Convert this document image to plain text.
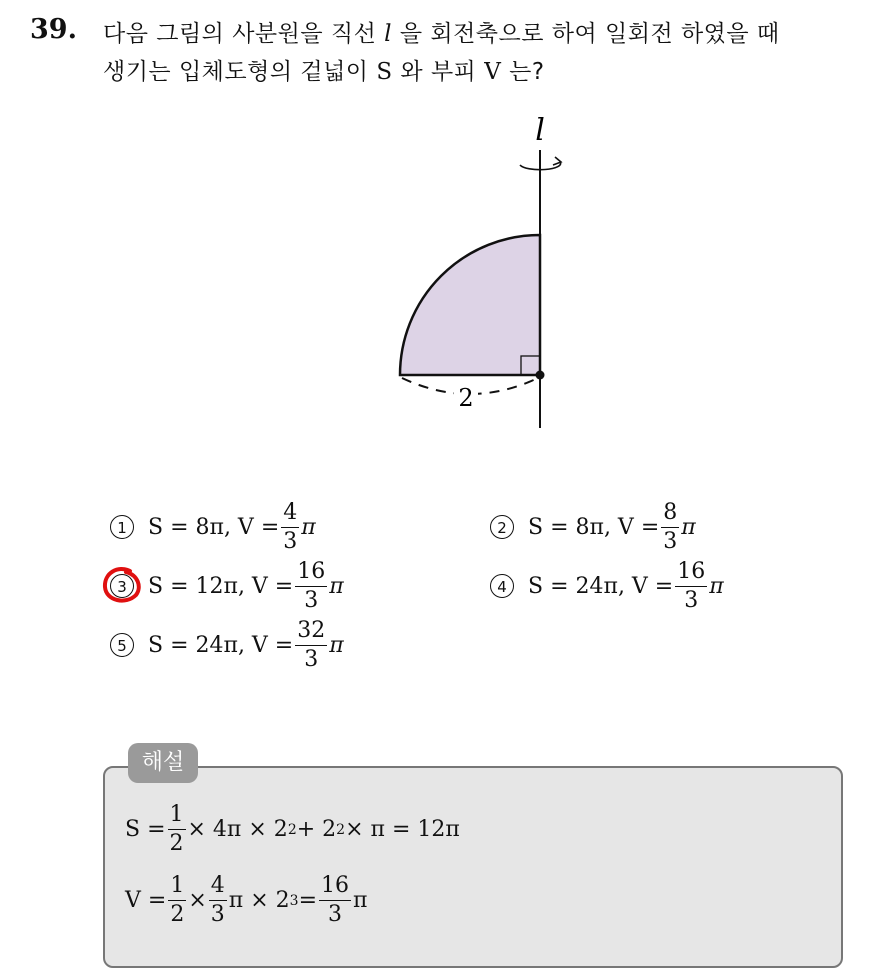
39. 다음 그림의 사분원을 직선 l 을 회전축으로 하여 일회전 하였을 때
생기는 입체도형의 겉넓이 S 와 부피 V 는?
l
2
1 S = 8π, $V = \frac{4}{3}$ π	2 S = 8π, $V = \frac{8}{3}$ π
3 S = 12π, $V = \frac{16}{3}$ π	4 S = 24π, $V = \frac{16}{3}$ π
5 S = 24π, $V = \frac{32}{3}$ π
해설
$S = \frac{1}{2} \times 4\pi \times 2$ 2 + 2 2 × π = 12π
$V = \frac{1}{2} \times \frac{4}{3}$ π × 2 $3 = \frac{16}{3}$ π
